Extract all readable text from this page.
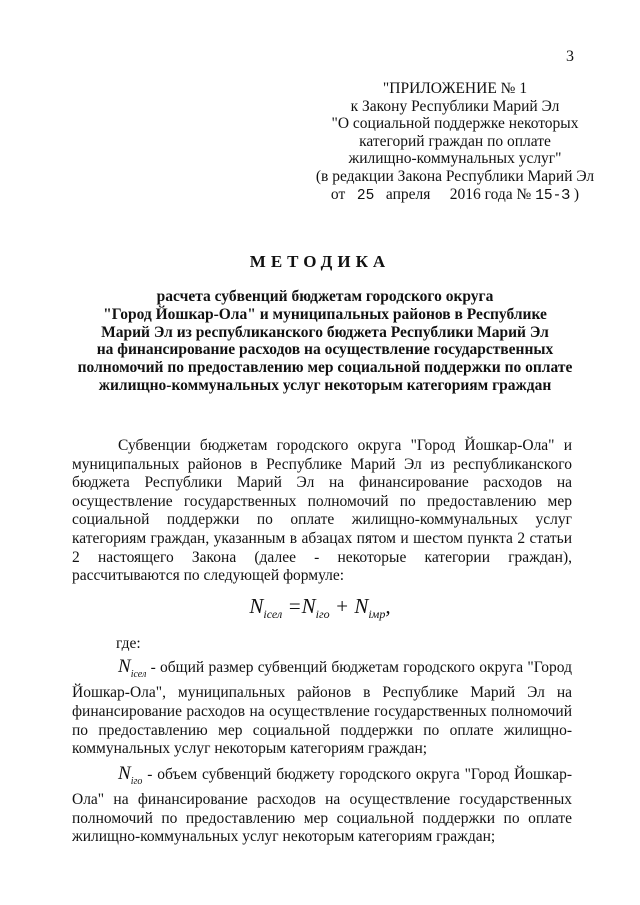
3
"ПРИЛОЖЕНИЕ № 1
к Закону Республики Марий Эл
"О социальной поддержке некоторых
категорий граждан по оплате
жилищно-коммунальных услуг"
(в редакции Закона Республики Марий Эл
от 25 апреля 2016 года № 15-З )
МЕТОДИКА
расчета субвенций бюджетам городского округа
"Город Йошкар-Ола" и муниципальных районов в Республике
Марий Эл из республиканского бюджета Республики Марий Эл
на финансирование расходов на осуществление государственных
полномочий по предоставлению мер социальной поддержки по оплате
жилищно-коммунальных услуг некоторым категориям граждан

Субвенции бюджетам городского округа "Город Йошкар-Ола" и муниципальных районов в Республике Марий Эл из республиканского бюджета Республики Марий Эл на финансирование расходов на осуществление государственных полномочий по предоставлению мер социальной поддержки по оплате жилищно-коммунальных услуг категориям граждан, указанным в абзацах пятом и шестом пункта 2 статьи 2 настоящего Закона (далее - некоторые категории граждан), рассчитываются по следующей формуле:

$N_{iсел} =N_{iго} + N_{iмр}$,
где:

$N_{iсел}$ - общий размер субвенций бюджетам городского округа "Город Йошкар-Ола", муниципальных районов в Республике Марий Эл на финансирование расходов на осуществление государственных полномочий по предоставлению мер социальной поддержки по оплате жилищно-коммунальных услуг некоторым категориям граждан;

$N_{iго}$ - объем субвенций бюджету городского округа "Город Йошкар-Ола" на финансирование расходов на осуществление государственных полномочий по предоставлению мер социальной поддержки по оплате жилищно-коммунальных услуг некоторым категориям граждан;
